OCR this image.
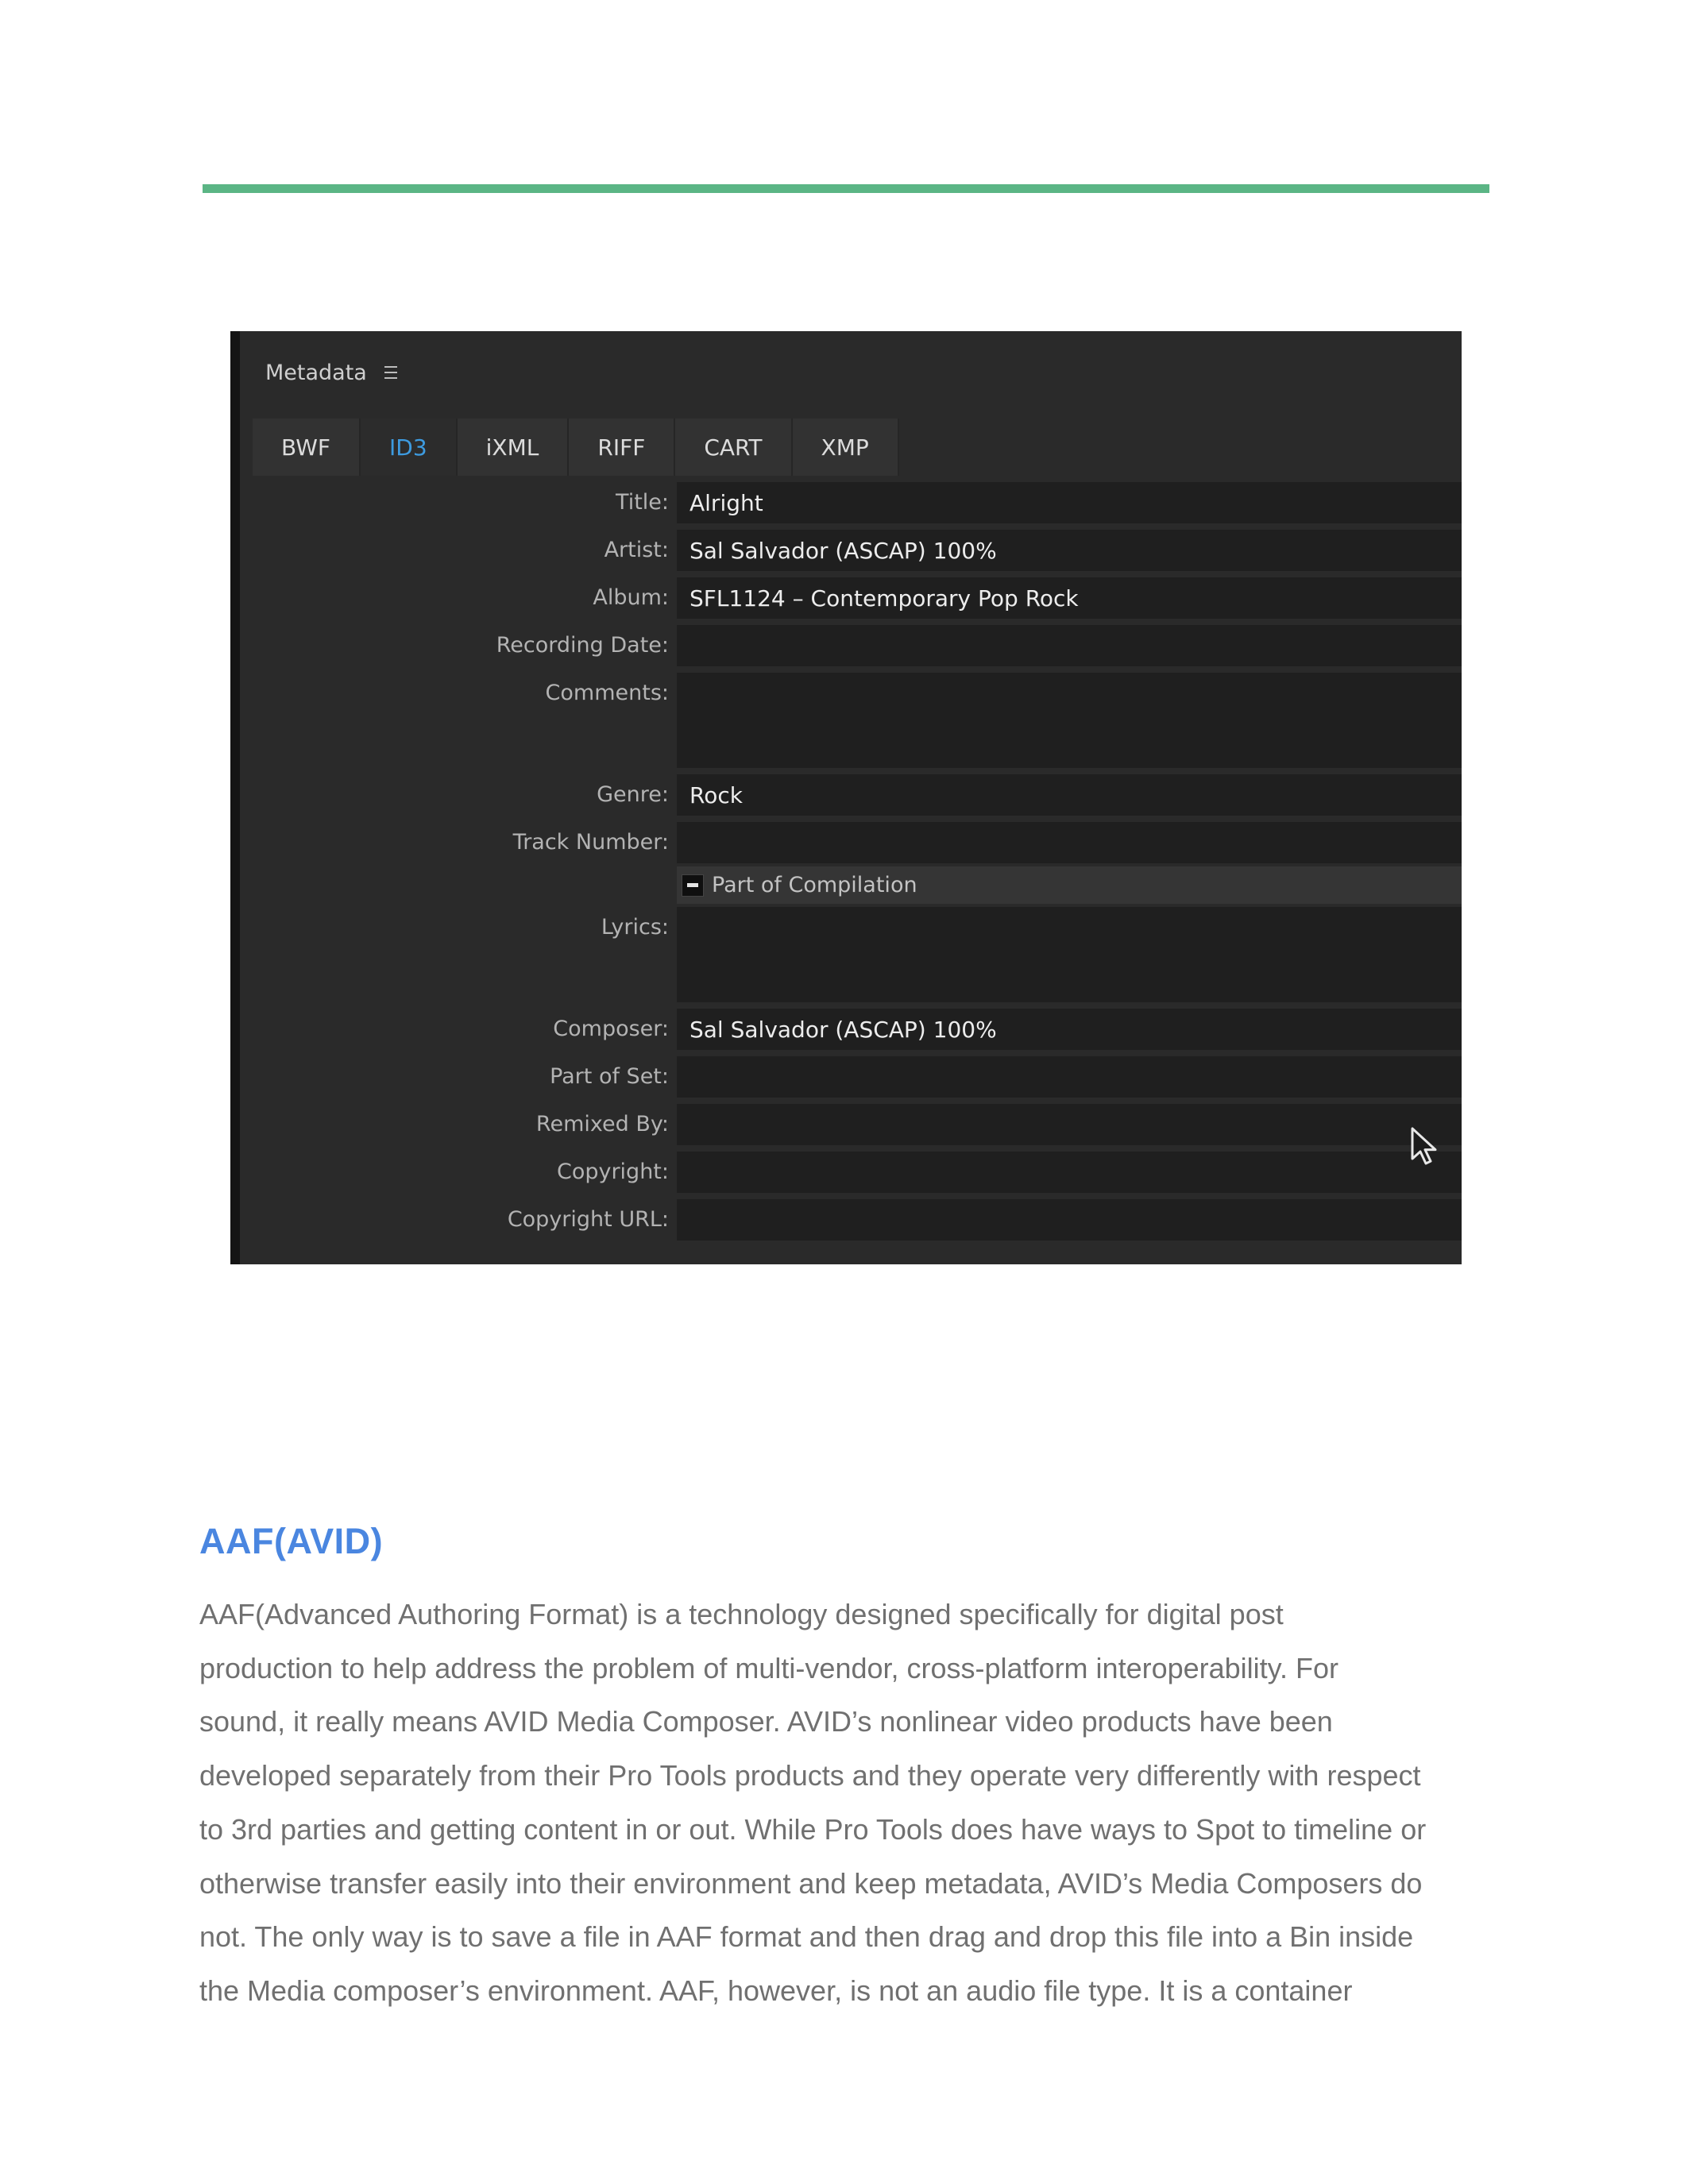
Metadata
BWF	ID3	iXML	RIFF	CART	XMP
Title:
Alright
Artist:
Sal Salvador (ASCAP) 100%
Album:
SFL1124 – Contemporary Pop Rock
Recording Date:
Comments:
Genre:
Rock
Track Number:
Part of Compilation
Lyrics:
Composer:
Sal Salvador (ASCAP) 100%
Part of Set:
Remixed By:
Copyright:
Copyright URL:
AAF(AVID)

AAF(Advanced Authoring Format) is a technology designed specifically for digital post
production to help address the problem of multi-vendor, cross-platform interoperability. For
sound, it really means AVID Media Composer. AVID’s nonlinear video products have been
developed separately from their Pro Tools products and they operate very differently with respect
to 3rd parties and getting content in or out. While Pro Tools does have ways to Spot to timeline or
otherwise transfer easily into their environment and keep metadata, AVID’s Media Composers do
not. The only way is to save a file in AAF format and then drag and drop this file into a Bin inside
the Media composer’s environment. AAF, however, is not an audio file type. It is a container
